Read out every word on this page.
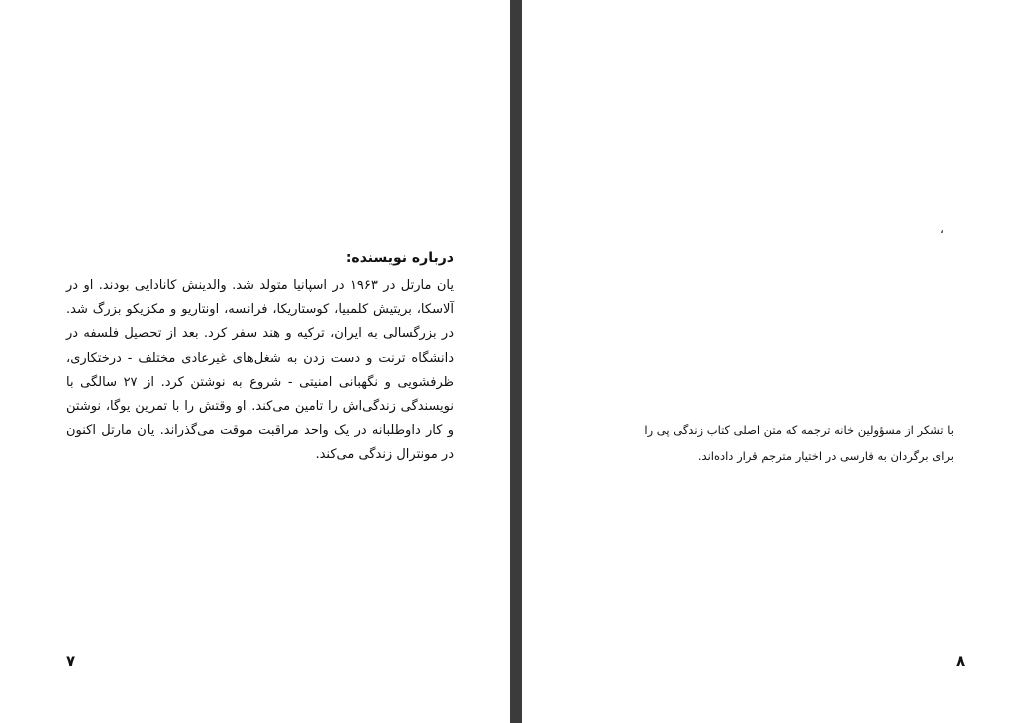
درباره نویسنده:
یان مارتل در ۱۹۶۳ در اسپانیا متولد شد. والدینش کانادایی بودند. او در
آلاسکا، بریتیش کلمبیا، کوستاریکا، فرانسه، اونتاریو و مکزیکو بزرگ شد.
در بزرگسالی به ایران، ترکیه و هند سفر کرد. بعد از تحصیل فلسفه در
دانشگاه ترنت و دست زدن به شغل‌های غیرعادی مختلف - درختکاری،
ظرفشویی و نگهبانی امنیتی - شروع به نوشتن کرد. از ۲۷ سالگی با
نویسندگی زندگی‌اش را تامین می‌کند. او وقتش را با تمرین یوگا، نوشتن
و کار داوطلبانه در یک واحد مراقبت موقت می‌گذراند. یان مارتل اکنون
در مونترال زندگی می‌کند.
۷
،
با تشکر از مسؤولین خانه ترجمه که متن اصلی کتاب زندگی پی را
برای برگردان به فارسی در اختیار مترجم قرار داده‌اند.
۸
